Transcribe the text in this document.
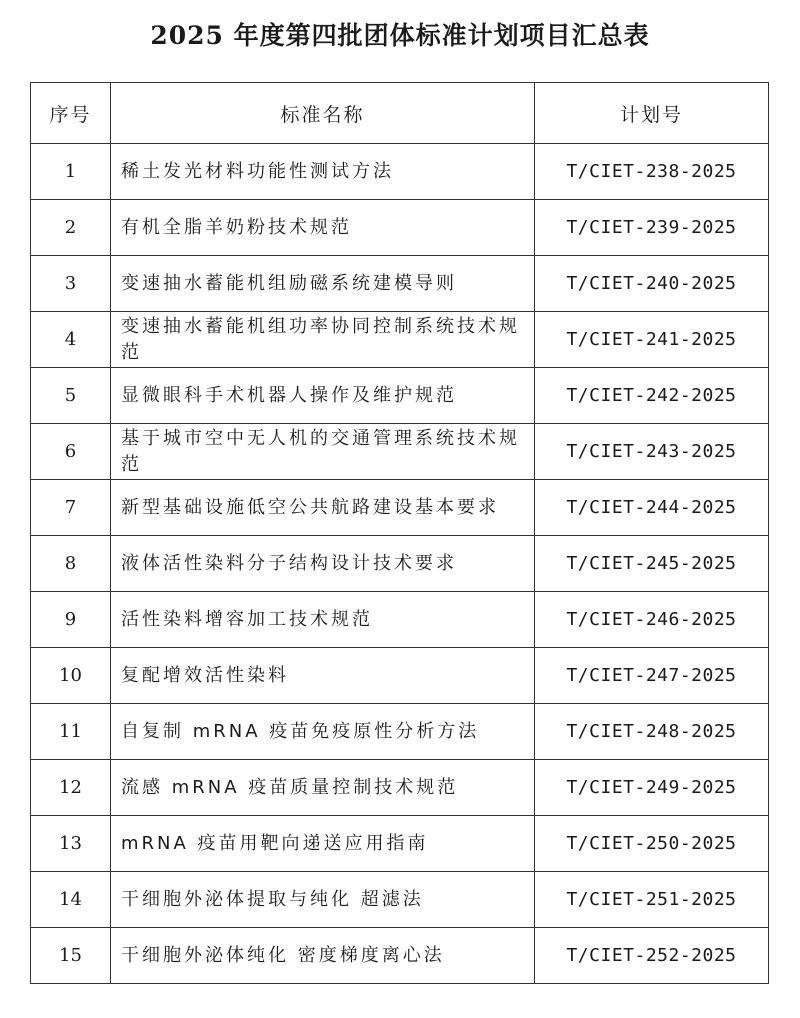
2025 年度第四批团体标准计划项目汇总表
序号	标准名称	计划号
1	稀土发光材料功能性测试方法	T/CIET-238-2025
2	有机全脂羊奶粉技术规范	T/CIET-239-2025
3	变速抽水蓄能机组励磁系统建模导则	T/CIET-240-2025
4	变速抽水蓄能机组功率协同控制系统技术规范	T/CIET-241-2025
5	显微眼科手术机器人操作及维护规范	T/CIET-242-2025
6	基于城市空中无人机的交通管理系统技术规范	T/CIET-243-2025
7	新型基础设施低空公共航路建设基本要求	T/CIET-244-2025
8	液体活性染料分子结构设计技术要求	T/CIET-245-2025
9	活性染料增容加工技术规范	T/CIET-246-2025
10	复配增效活性染料	T/CIET-247-2025
11	自复制 mRNA 疫苗免疫原性分析方法	T/CIET-248-2025
12	流感 mRNA 疫苗质量控制技术规范	T/CIET-249-2025
13	mRNA 疫苗用靶向递送应用指南	T/CIET-250-2025
14	干细胞外泌体提取与纯化 超滤法	T/CIET-251-2025
15	干细胞外泌体纯化 密度梯度离心法	T/CIET-252-2025
